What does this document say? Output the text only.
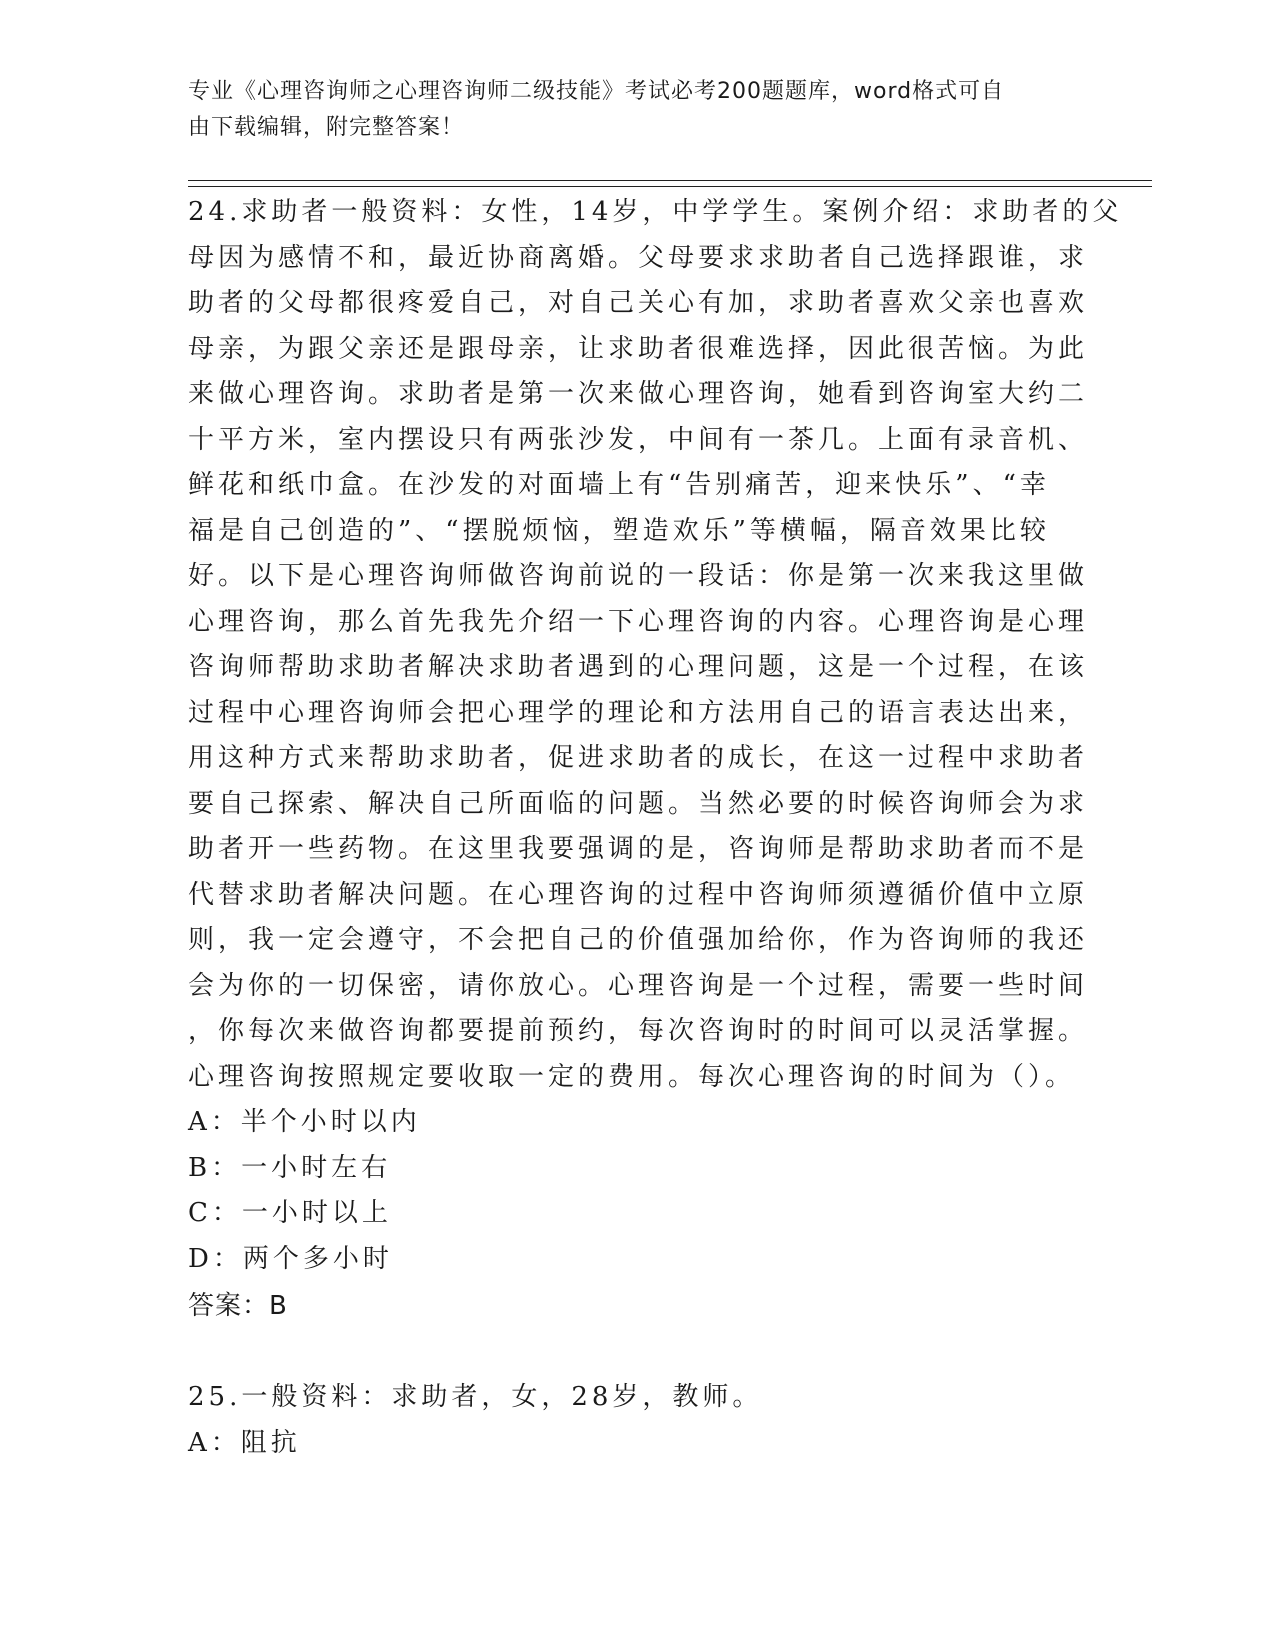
专业《心理咨询师之心理咨询师二级技能》考试必考200题题库，word格式可自
由下载编辑，附完整答案！
24.求助者一般资料：女性，14岁，中学学生。案例介绍：求助者的父
母因为感情不和，最近协商离婚。父母要求求助者自己选择跟谁，求
助者的父母都很疼爱自己，对自己关心有加，求助者喜欢父亲也喜欢
母亲，为跟父亲还是跟母亲，让求助者很难选择，因此很苦恼。为此
来做心理咨询。求助者是第一次来做心理咨询，她看到咨询室大约二
十平方米，室内摆设只有两张沙发，中间有一茶几。上面有录音机、
鲜花和纸巾盒。在沙发的对面墙上有“告别痛苦，迎来快乐”、“幸
福是自己创造的”、“摆脱烦恼，塑造欢乐”等横幅，隔音效果比较
好。以下是心理咨询师做咨询前说的一段话：你是第一次来我这里做
心理咨询，那么首先我先介绍一下心理咨询的内容。心理咨询是心理
咨询师帮助求助者解决求助者遇到的心理问题，这是一个过程，在该
过程中心理咨询师会把心理学的理论和方法用自己的语言表达出来，
用这种方式来帮助求助者，促进求助者的成长，在这一过程中求助者
要自己探索、解决自己所面临的问题。当然必要的时候咨询师会为求
助者开一些药物。在这里我要强调的是，咨询师是帮助求助者而不是
代替求助者解决问题。在心理咨询的过程中咨询师须遵循价值中立原
则，我一定会遵守，不会把自己的价值强加给你，作为咨询师的我还
会为你的一切保密，请你放心。心理咨询是一个过程，需要一些时间
，你每次来做咨询都要提前预约，每次咨询时的时间可以灵活掌握。
心理咨询按照规定要收取一定的费用。每次心理咨询的时间为（）。
A：半个小时以内
B：一小时左右
C：一小时以上
D：两个多小时
答案：B
25.一般资料：求助者，女，28岁，教师。
A：阻抗
